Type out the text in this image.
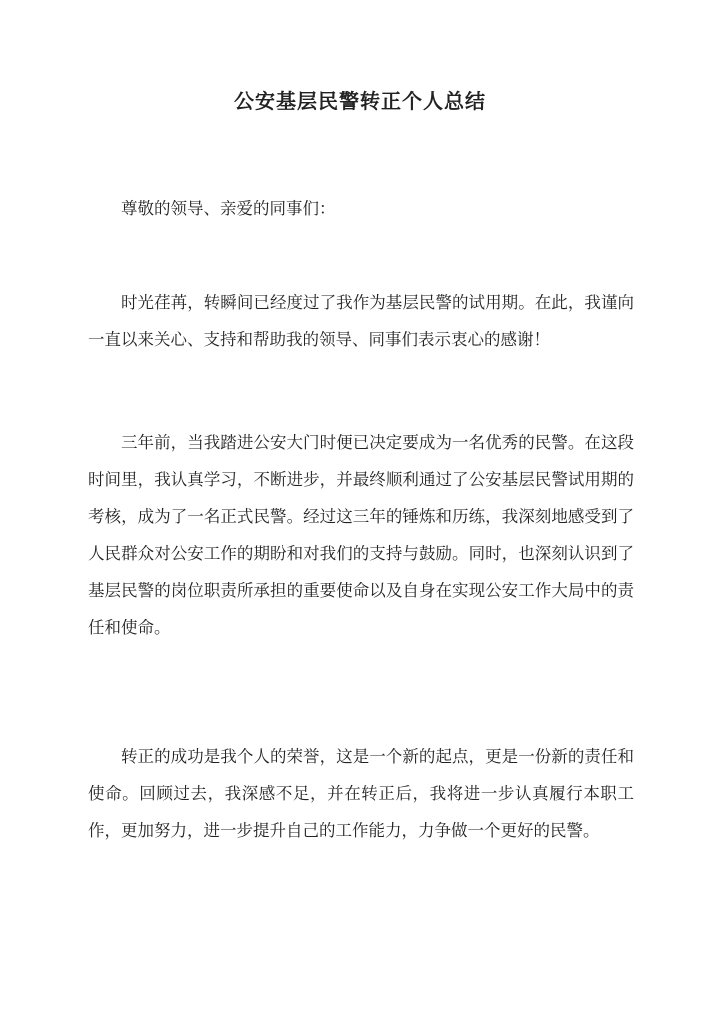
公安基层民警转正个人总结

尊敬的领导、亲爱的同事们：

时光荏苒，转瞬间已经度过了我作为基层民警的试用期。在此，我谨向一直以来关心、支持和帮助我的领导、同事们表示衷心的感谢！

三年前，当我踏进公安大门时便已决定要成为一名优秀的民警。在这段时间里，我认真学习，不断进步，并最终顺利通过了公安基层民警试用期的考核，成为了一名正式民警。经过这三年的锤炼和历练，我深刻地感受到了人民群众对公安工作的期盼和对我们的支持与鼓励。同时，也深刻认识到了基层民警的岗位职责所承担的重要使命以及自身在实现公安工作大局中的责任和使命。

转正的成功是我个人的荣誉，这是一个新的起点，更是一份新的责任和使命。回顾过去，我深感不足，并在转正后，我将进一步认真履行本职工作，更加努力，进一步提升自己的工作能力，力争做一个更好的民警。
